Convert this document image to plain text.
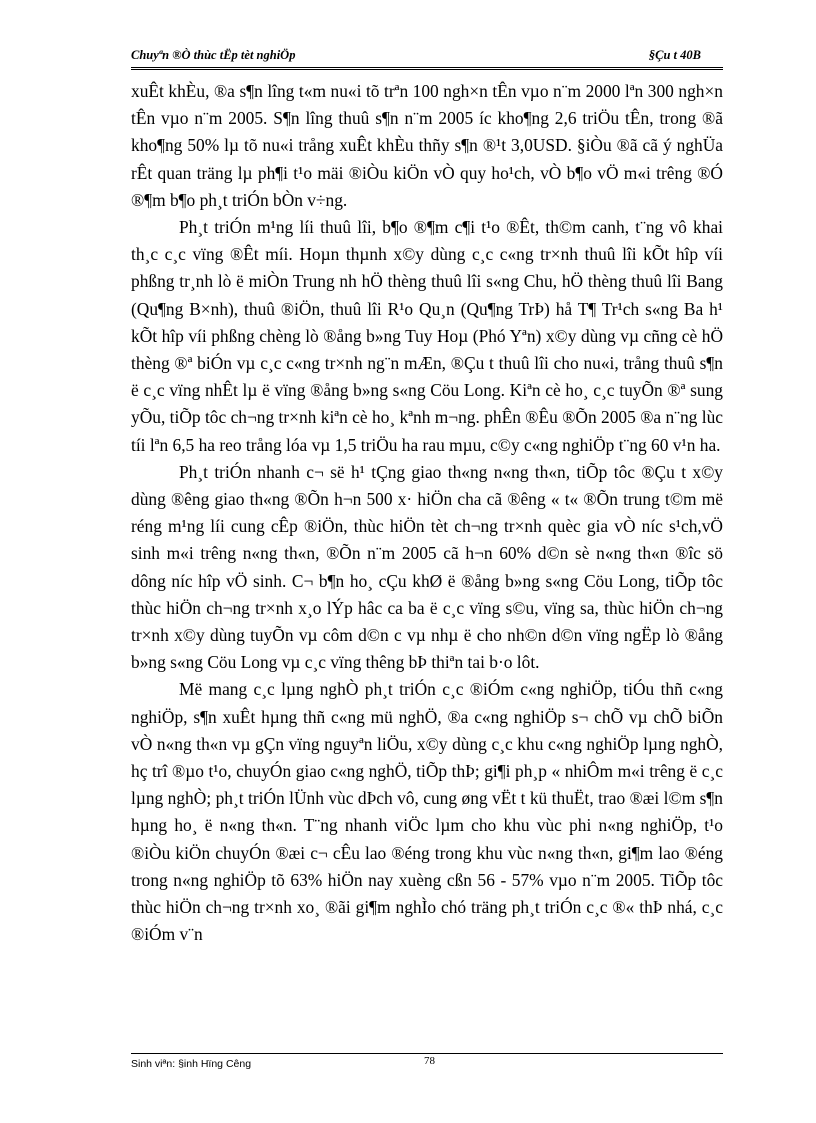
Chuyªn ®Ò thùc tËp tèt nghiÖp	§Çu t 40B

xuÊt khÈu, ®a s¶n lîng t«m nu«i tõ trªn 100 ngh×n tÊn vµo n¨m 2000 lªn 300 ngh×n tÊn vµo n¨m 2005. S¶n lîng thuû s¶n n¨m 2005 íc kho¶ng 2,6 triÖu tÊn, trong ®ã kho¶ng 50% lµ tõ nu«i trång xuÊt khÈu thñy s¶n ®¹t 3,0USD. §iÒu ®ã cã ý nghÜa rÊt quan träng lµ ph¶i t¹o mäi ®iÒu kiÖn vÒ quy ho¹ch, vÒ b¶o vÖ m«i trêng ®Ó ®¶m b¶o ph¸t triÓn bÒn v÷ng.

Ph¸t triÓn m¹ng líi thuû lîi, b¶o ®¶m c¶i t¹o ®Êt, th©m canh, t¨ng vô khai th¸c c¸c vïng ®Êt míi. Hoµn thµnh x©y dùng c¸c c«ng tr×nh thuû lîi kÕt hîp víi phßng tr¸nh lò ë miÒn Trung nh hÖ thèng thuû lîi s«ng Chu, hÖ thèng thuû lîi Bang (Qu¶ng B×nh), thuû ®iÖn, thuû lîi R¹o Qu¸n (Qu¶ng TrÞ) hå T¶ Tr¹ch s«ng Ba h¹ kÕt hîp víi phßng chèng lò ®ång b»ng Tuy Hoµ (Phó Yªn) x©y dùng vµ cñng cè hÖ thèng ®ª biÓn vµ c¸c c«ng tr×nh ng¨n mÆn, ®Çu t thuû lîi cho nu«i, trång thuû s¶n ë c¸c vïng nhÊt lµ ë vïng ®ång b»ng s«ng Cöu Long. Kiªn cè ho¸ c¸c tuyÕn ®ª sung yÕu, tiÕp tôc ch¬ng tr×nh kiªn cè ho¸ kªnh m¬ng. phÊn ®Êu ®Õn 2005 ®a n¨ng lùc tíi lªn 6,5 ha reo trång lóa vµ 1,5 triÖu ha rau mµu, c©y c«ng nghiÖp t¨ng 60 v¹n ha.

Ph¸t triÓn nhanh c¬ së h¹ tÇng giao th«ng n«ng th«n, tiÕp tôc ®Çu t x©y dùng ®êng giao th«ng ®Õn h¬n 500 x· hiÖn cha cã ®êng « t« ®Õn trung t©m më réng m¹ng líi cung cÊp ®iÖn, thùc hiÖn tèt ch¬ng tr×nh quèc gia vÒ níc s¹ch,vÖ sinh m«i trêng n«ng th«n, ®Õn n¨m 2005 cã h¬n 60% d©n sè n«ng th«n ®îc sö dông níc hîp vÖ sinh. C¬ b¶n ho¸ cÇu khØ ë ®ång b»ng s«ng Cöu Long, tiÕp tôc thùc hiÖn ch¬ng tr×nh x¸o lÝp hâc ca ba ë c¸c vïng s©u, vïng sa, thùc hiÖn ch¬ng tr×nh x©y dùng tuyÕn vµ côm d©n c vµ nhµ ë cho nh©n d©n vïng ngËp lò ®ång b»ng s«ng Cöu Long vµ c¸c vïng thêng bÞ thiªn tai b·o lôt.

Më mang c¸c lµng nghÒ ph¸t triÓn c¸c ®iÓm c«ng nghiÖp, tiÓu thñ c«ng nghiÖp, s¶n xuÊt hµng thñ c«ng mü nghÖ, ®a c«ng nghiÖp s¬ chÕ vµ chÕ biÕn vÒ n«ng th«n vµ gÇn vïng nguyªn liÖu, x©y dùng c¸c khu c«ng nghiÖp lµng nghÒ, hç trî ®µo t¹o, chuyÓn giao c«ng nghÖ, tiÕp thÞ; gi¶i ph¸p « nhiÔm m«i trêng ë c¸c lµng nghÒ; ph¸t triÓn lÜnh vùc dÞch vô, cung øng vËt t kü thuËt, trao ®æi l©m s¶n hµng ho¸ ë n«ng th«n. T¨ng nhanh viÖc lµm cho khu vùc phi n«ng nghiÖp, t¹o ®iÒu kiÖn chuyÓn ®æi c¬ cÊu lao ®éng trong khu vùc n«ng th«n, gi¶m lao ®éng trong n«ng nghiÖp tõ 63% hiÖn nay xuèng cßn 56 - 57% vµo n¨m 2005. TiÕp tôc thùc hiÖn ch¬ng tr×nh xo¸ ®ãi gi¶m nghÌo chó träng ph¸t triÓn c¸c ®« thÞ nhá, c¸c ®iÓm v¨n

Sinh viªn: §inh Hïng Cêng	78
